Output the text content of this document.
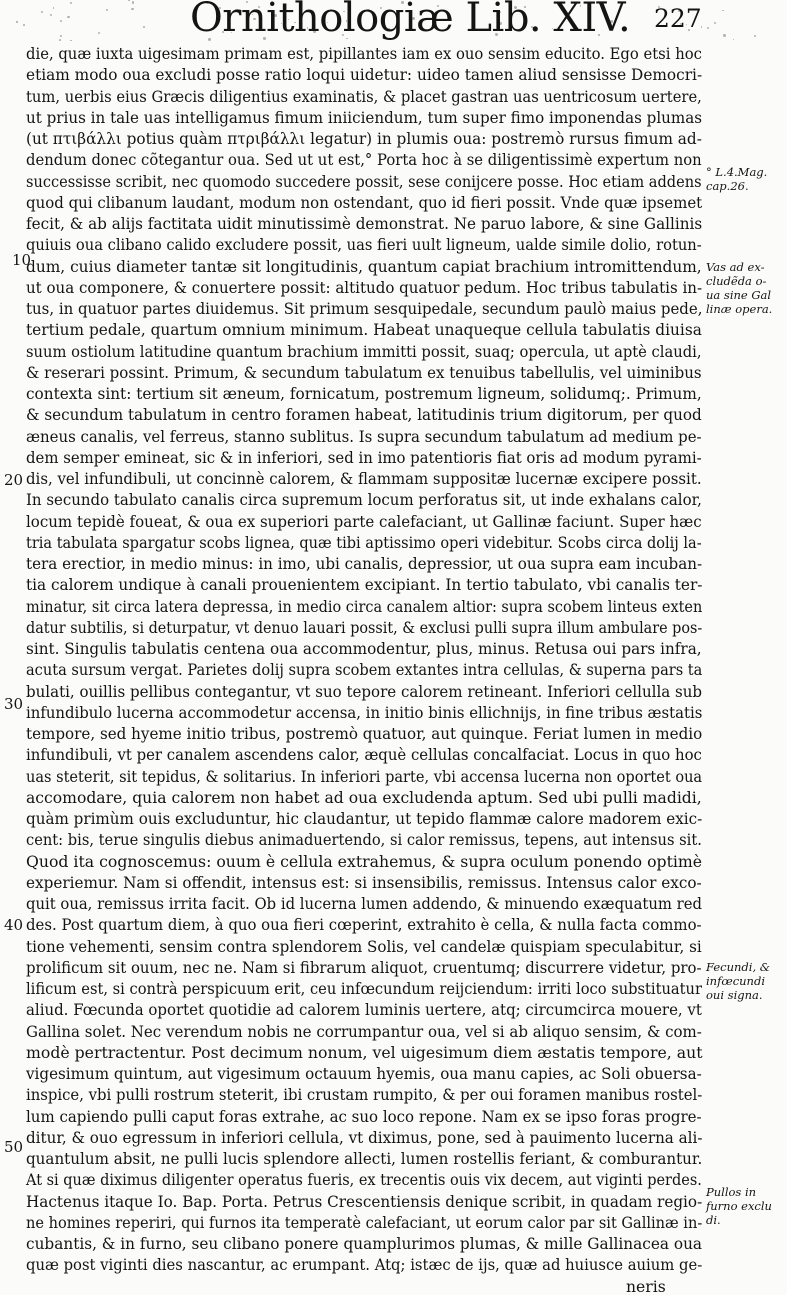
Ornithologiæ Lib. XIV. 227
10
20
30
40
50
die, quæ iuxta uigesimam primam est, pipillantes iam ex ouo sensim educito. Ego etsi hoc
etiam modo oua excludi posse ratio loqui uidetur: uideo tamen aliud sensisse Democri-
tum, uerbis eius Græcis diligentius examinatis, & placet gastran uas uentricosum uertere,
ut prius in tale uas intelligamus fimum iniiciendum, tum super fimo imponendas plumas
(ut πτιβάλλι potius quàm πτριβάλλι legatur) in plumis oua: postremò rursus fimum ad-
dendum donec cõtegantur oua. Sed ut ut est,° Porta hoc à se diligentissimè expertum non
successisse scribit, nec quomodo succedere possit, sese conijcere posse. Hoc etiam addens
quod qui clibanum laudant, modum non ostendant, quo id fieri possit. Vnde quæ ipsemet
fecit, & ab alijs factitata uidit minutissimè demonstrat. Ne paruo labore, & sine Gallinis
quiuis oua clibano calido excludere possit, uas fieri uult ligneum, ualde simile dolio, rotun-
dum, cuius diameter tantæ sit longitudinis, quantum capiat brachium intromittendum,
ut oua componere, & conuertere possit: altitudo quatuor pedum. Hoc tribus tabulatis in-
tus, in quatuor partes diuidemus. Sit primum sesquipedale, secundum paulò maius pede,
tertium pedale, quartum omnium minimum. Habeat unaqueque cellula tabulatis diuisa
suum ostiolum latitudine quantum brachium immitti possit, suaq; opercula, ut aptè claudi,
& reserari possint. Primum, & secundum tabulatum ex tenuibus tabellulis, vel uiminibus
contexta sint: tertium sit æneum, fornicatum, postremum ligneum, solidumq;. Primum,
& secundum tabulatum in centro foramen habeat, latitudinis trium digitorum, per quod
æneus canalis, vel ferreus, stanno sublitus. Is supra secundum tabulatum ad medium pe-
dem semper emineat, sic & in inferiori, sed in imo patentioris fiat oris ad modum pyrami-
dis, vel infundibuli, ut concinnè calorem, & flammam suppositæ lucernæ excipere possit.
In secundo tabulato canalis circa supremum locum perforatus sit, ut inde exhalans calor,
locum tepidè foueat, & oua ex superiori parte calefaciant, ut Gallinæ faciunt. Super hæc
tria tabulata spargatur scobs lignea, quæ tibi aptissimo operi videbitur. Scobs circa dolij la-
tera erectior, in medio minus: in imo, ubi canalis, depressior, ut oua supra eam incuban-
tia calorem undique à canali prouenientem excipiant. In tertio tabulato, vbi canalis ter-
minatur, sit circa latera depressa, in medio circa canalem altior: supra scobem linteus exten
datur subtilis, si deturpatur, vt denuo lauari possit, & exclusi pulli supra illum ambulare pos-
sint. Singulis tabulatis centena oua accommodentur, plus, minus. Retusa oui pars infra,
acuta sursum vergat. Parietes dolij supra scobem extantes intra cellulas, & superna pars ta
bulati, ouillis pellibus contegantur, vt suo tepore calorem retineant. Inferiori cellulla sub
infundibulo lucerna accommodetur accensa, in initio binis ellichnijs, in fine tribus æstatis
tempore, sed hyeme initio tribus, postremò quatuor, aut quinque. Feriat lumen in medio
infundibuli, vt per canalem ascendens calor, æquè cellulas concalfaciat. Locus in quo hoc
uas steterit, sit tepidus, & solitarius. In inferiori parte, vbi accensa lucerna non oportet oua
accomodare, quia calorem non habet ad oua excludenda aptum. Sed ubi pulli madidi,
quàm primùm ouis excluduntur, hic claudantur, ut tepido flammæ calore madorem exic-
cent: bis, terue singulis diebus animaduertendo, si calor remissus, tepens, aut intensus sit.
Quod ita cognoscemus: ouum è cellula extrahemus, & supra oculum ponendo optimè
experiemur. Nam si offendit, intensus est: si insensibilis, remissus. Intensus calor exco-
quit oua, remissus irrita facit. Ob id lucerna lumen addendo, & minuendo exæquatum red
des. Post quartum diem, à quo oua fieri cœperint, extrahito è cella, & nulla facta commo-
tione vehementi, sensim contra splendorem Solis, vel candelæ quispiam speculabitur, si
prolificum sit ouum, nec ne. Nam si fibrarum aliquot, cruentumq; discurrere videtur, pro-
lificum est, si contrà perspicuum erit, ceu infœcundum reijciendum: irriti loco substituatur
aliud. Fœcunda oportet quotidie ad calorem luminis uertere, atq; circumcirca mouere, vt
Gallina solet. Nec verendum nobis ne corrumpantur oua, vel si ab aliquo sensim, & com-
modè pertractentur. Post decimum nonum, vel uigesimum diem æstatis tempore, aut
vigesimum quintum, aut vigesimum octauum hyemis, oua manu capies, ac Soli obuersa-
inspice, vbi pulli rostrum steterit, ibi crustam rumpito, & per oui foramen manibus rostel-
lum capiendo pulli caput foras extrahe, ac suo loco repone. Nam ex se ipso foras progre-
ditur, & ouo egressum in inferiori cellula, vt diximus, pone, sed à pauimento lucerna ali-
quantulum absit, ne pulli lucis splendore allecti, lumen rostellis feriant, & comburantur.
At si quæ diximus diligenter operatus fueris, ex trecentis ouis vix decem, aut viginti perdes.
Hactenus itaque Io. Bap. Porta. Petrus Crescentiensis denique scribit, in quadam regio-
ne homines reperiri, qui furnos ita temperatè calefaciant, ut eorum calor par sit Gallinæ in-
cubantis, & in furno, seu clibano ponere quamplurimos plumas, & mille Gallinacea oua
quæ post viginti dies nascantur, ac erumpant. Atq; istæc de ijs, quæ ad huiusce auium ge-
neris
° L.4.Mag.
cap.26.
Vas ad ex-
cludẽda o-
ua sine Gal
linæ opera.
Fecundi, &
infœcundi
oui signa.
Pullos in
furno exclu
di.
